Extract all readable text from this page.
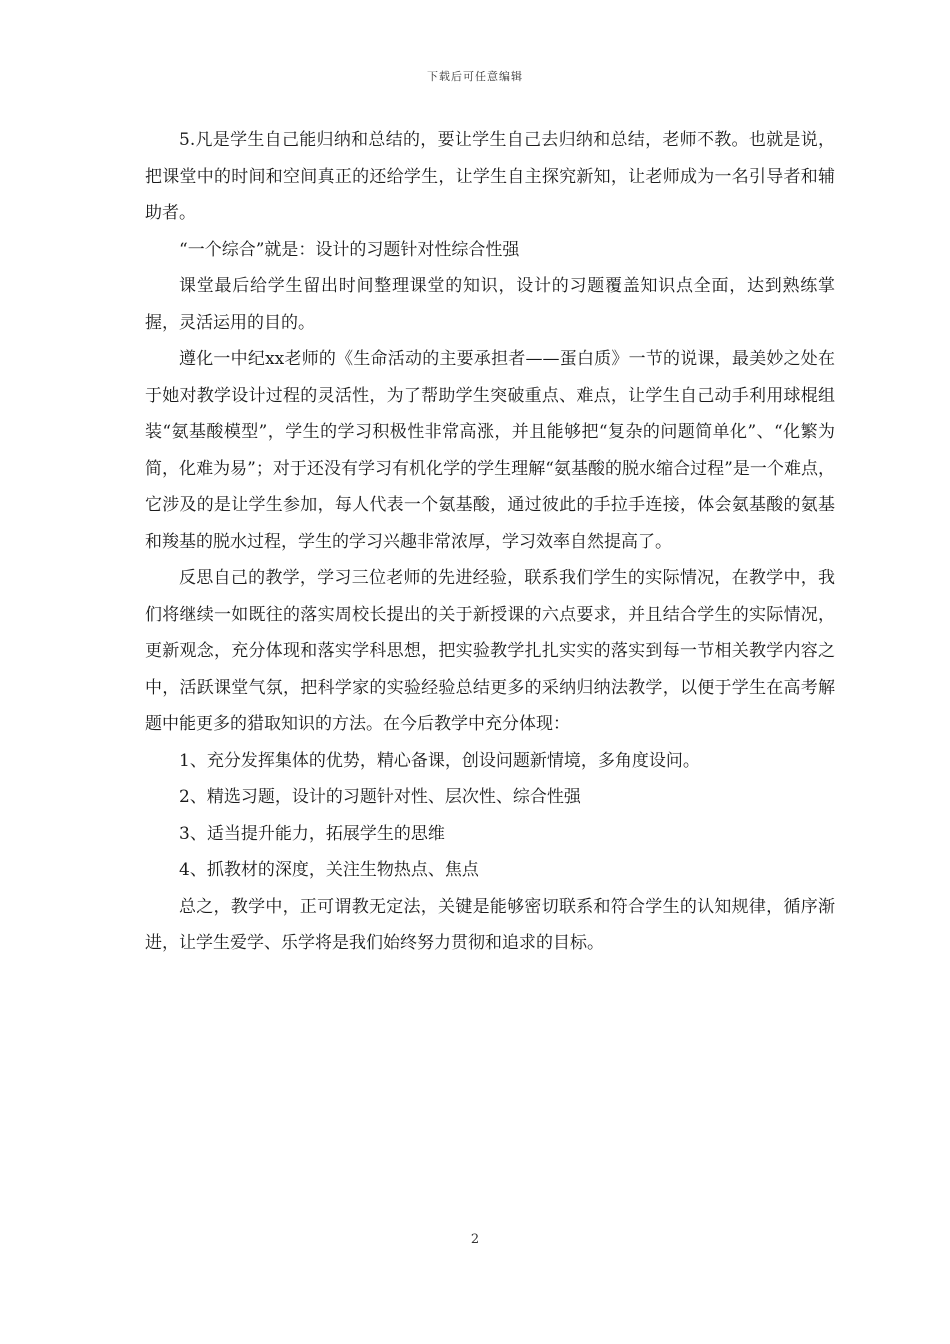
下载后可任意编辑

5.凡是学生自己能归纳和总结的，要让学生自己去归纳和总结，老师不教。也就是说，把课堂中的时间和空间真正的还给学生，让学生自主探究新知，让老师成为一名引导者和辅助者。

“一个综合”就是：设计的习题针对性综合性强

课堂最后给学生留出时间整理课堂的知识，设计的习题覆盖知识点全面，达到熟练掌握，灵活运用的目的。

遵化一中纪xx老师的《生命活动的主要承担者——蛋白质》一节的说课，最美妙之处在于她对教学设计过程的灵活性，为了帮助学生突破重点、难点，让学生自己动手利用球棍组装“氨基酸模型”，学生的学习积极性非常高涨，并且能够把“复杂的问题简单化”、“化繁为简，化难为易”；对于还没有学习有机化学的学生理解“氨基酸的脱水缩合过程”是一个难点，它涉及的是让学生参加，每人代表一个氨基酸，通过彼此的手拉手连接，体会氨基酸的氨基和羧基的脱水过程，学生的学习兴趣非常浓厚，学习效率自然提高了。

反思自己的教学，学习三位老师的先进经验，联系我们学生的实际情况，在教学中，我们将继续一如既往的落实周校长提出的关于新授课的六点要求，并且结合学生的实际情况，更新观念，充分体现和落实学科思想，把实验教学扎扎实实的落实到每一节相关教学内容之中，活跃课堂气氛，把科学家的实验经验总结更多的采纳归纳法教学，以便于学生在高考解题中能更多的猎取知识的方法。在今后教学中充分体现：

1、充分发挥集体的优势，精心备课，创设问题新情境，多角度设问。

2、精选习题，设计的习题针对性、层次性、综合性强

3、适当提升能力，拓展学生的思维

4、抓教材的深度，关注生物热点、焦点

总之，教学中，正可谓教无定法，关键是能够密切联系和符合学生的认知规律，循序渐进，让学生爱学、乐学将是我们始终努力贯彻和追求的目标。

2
